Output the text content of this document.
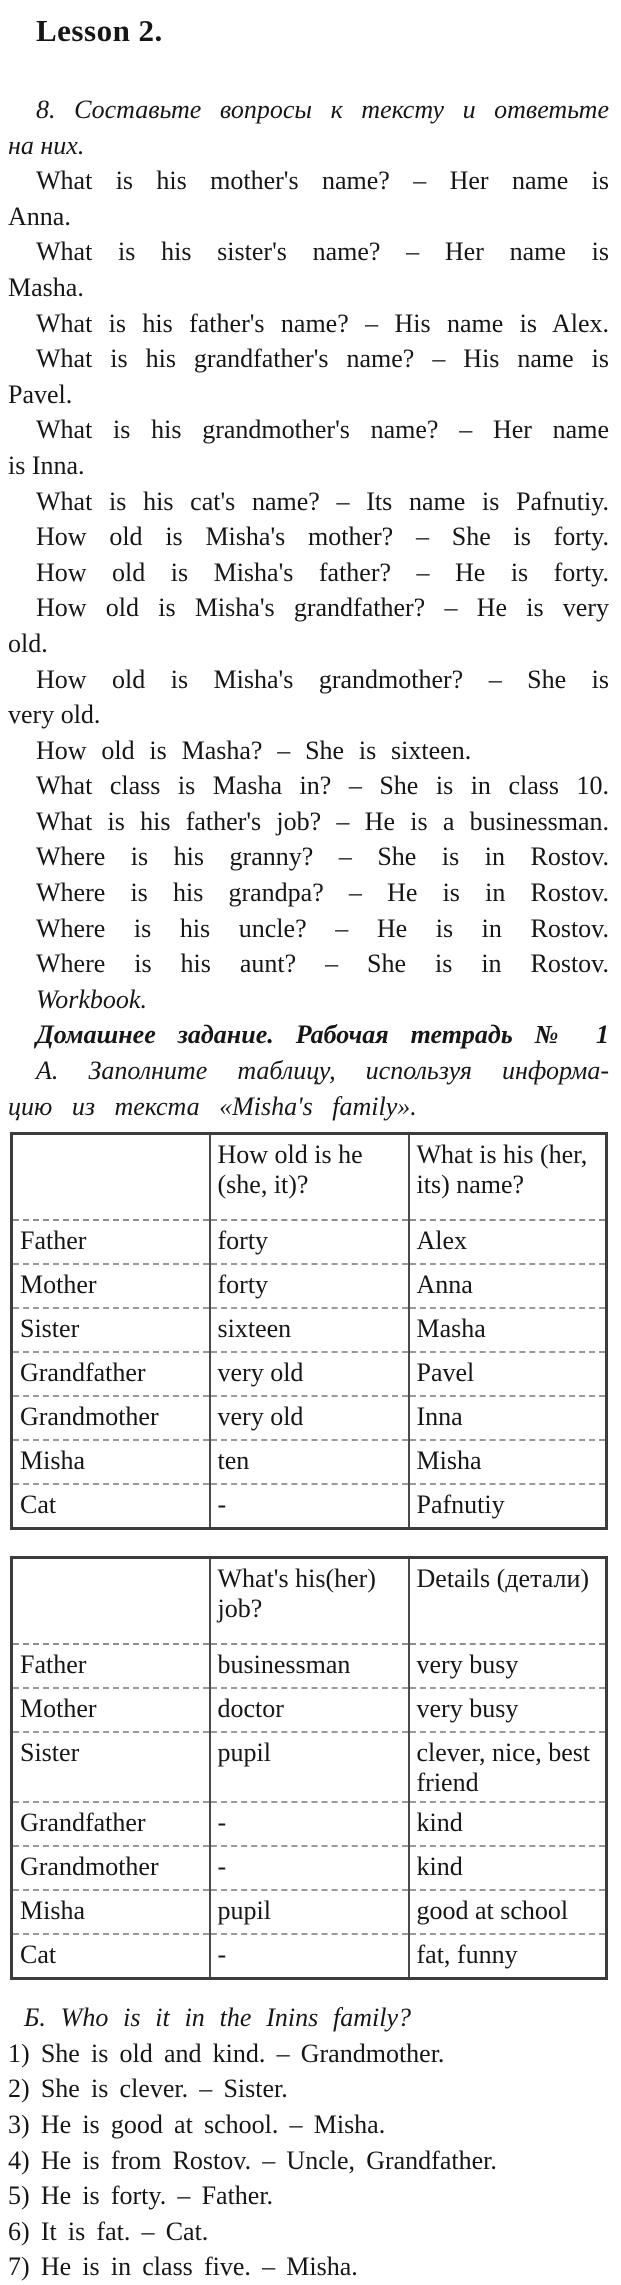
Lesson 2.

8. Составьте вопросы к тексту и ответьте

на них.

What is his mother's name? – Her name is

Anna.

What is his sister's name? – Her name is

Masha.

What is his father's name? – His name is Alex.

What is his grandfather's name? – His name is

Pavel.

What is his grandmother's name? – Her name

is Inna.

What is his cat's name? – Its name is Pafnutiy.

How old is Misha's mother? – She is forty.

How old is Misha's father? – He is forty.

How old is Misha's grandfather? – He is very

old.

How old is Misha's grandmother? – She is

very old.

How old is Masha? – She is sixteen.

What class is Masha in? – She is in class 10.

What is his father's job? – He is a businessman.

Where is his granny? – She is in Rostov.

Where is his grandpa? – He is in Rostov.

Where is his uncle? – He is in Rostov.

Where is his aunt? – She is in Rostov.

Workbook.

Домашнее задание. Рабочая тетрадь № 1

А. Заполните таблицу, используя информа-

цию из текста «Misha's family».

	How old is he (she, it)?	What is his (her, its) name?
Father	forty	Alex
Mother	forty	Anna
Sister	sixteen	Masha
Grandfather	very old	Pavel
Grandmother	very old	Inna
Misha	ten	Misha
Cat	-	Pafnutiy
	What's his(her) job?	Details (детали)
Father	businessman	very busy
Mother	doctor	very busy
Sister	pupil	clever, nice, best friend
Grandfather	-	kind
Grandmother	-	kind
Misha	pupil	good at school
Cat	-	fat, funny

Б. Who is it in the Inins family?

1) She is old and kind. – Grandmother.

2) She is clever. – Sister.

3) He is good at school. – Misha.

4) He is from Rostov. – Uncle, Grandfather.

5) He is forty. – Father.

6) It is fat. – Cat.

7) He is in class five. – Misha.
